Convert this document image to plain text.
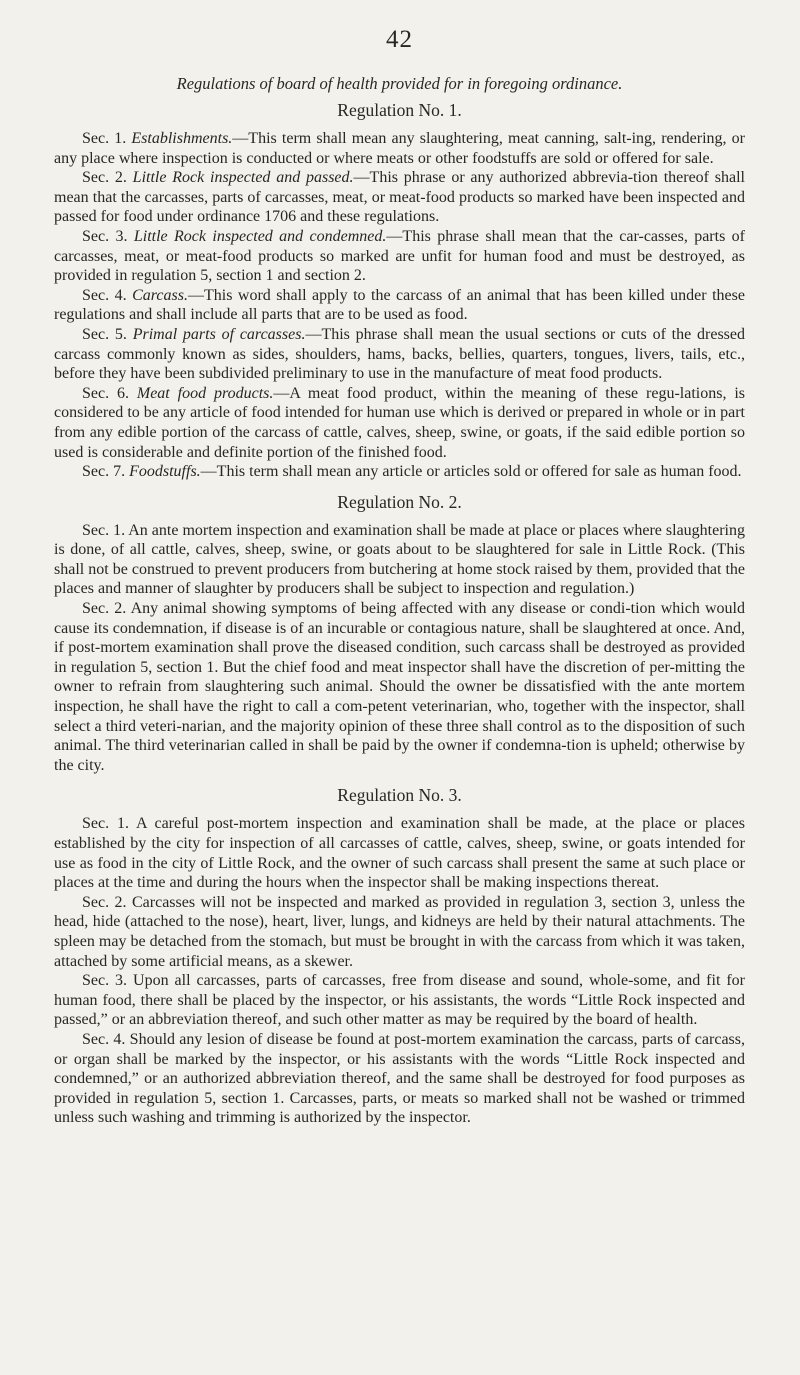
42
Regulations of board of health provided for in foregoing ordinance.
Regulation No. 1.

Sec. 1. Establishments.—This term shall mean any slaughtering, meat canning, salt-ing, rendering, or any place where inspection is conducted or where meats or other foodstuffs are sold or offered for sale.

Sec. 2. Little Rock inspected and passed.—This phrase or any authorized abbrevia-tion thereof shall mean that the carcasses, parts of carcasses, meat, or meat-food products so marked have been inspected and passed for food under ordinance 1706 and these regulations.

Sec. 3. Little Rock inspected and condemned.—This phrase shall mean that the car-casses, parts of carcasses, meat, or meat-food products so marked are unfit for human food and must be destroyed, as provided in regulation 5, section 1 and section 2.

Sec. 4. Carcass.—This word shall apply to the carcass of an animal that has been killed under these regulations and shall include all parts that are to be used as food.

Sec. 5. Primal parts of carcasses.—This phrase shall mean the usual sections or cuts of the dressed carcass commonly known as sides, shoulders, hams, backs, bellies, quarters, tongues, livers, tails, etc., before they have been subdivided preliminary to use in the manufacture of meat food products.

Sec. 6. Meat food products.—A meat food product, within the meaning of these regu-lations, is considered to be any article of food intended for human use which is derived or prepared in whole or in part from any edible portion of the carcass of cattle, calves, sheep, swine, or goats, if the said edible portion so used is considerable and definite portion of the finished food.

Sec. 7. Foodstuffs.—This term shall mean any article or articles sold or offered for sale as human food.

Regulation No. 2.

Sec. 1. An ante mortem inspection and examination shall be made at place or places where slaughtering is done, of all cattle, calves, sheep, swine, or goats about to be slaughtered for sale in Little Rock. (This shall not be construed to prevent producers from butchering at home stock raised by them, provided that the places and manner of slaughter by producers shall be subject to inspection and regulation.)

Sec. 2. Any animal showing symptoms of being affected with any disease or condi-tion which would cause its condemnation, if disease is of an incurable or contagious nature, shall be slaughtered at once. And, if post-mortem examination shall prove the diseased condition, such carcass shall be destroyed as provided in regulation 5, section 1. But the chief food and meat inspector shall have the discretion of per-mitting the owner to refrain from slaughtering such animal. Should the owner be dissatisfied with the ante mortem inspection, he shall have the right to call a com-petent veterinarian, who, together with the inspector, shall select a third veteri-narian, and the majority opinion of these three shall control as to the disposition of such animal. The third veterinarian called in shall be paid by the owner if condemna-tion is upheld; otherwise by the city.

Regulation No. 3.

Sec. 1. A careful post-mortem inspection and examination shall be made, at the place or places established by the city for inspection of all carcasses of cattle, calves, sheep, swine, or goats intended for use as food in the city of Little Rock, and the owner of such carcass shall present the same at such place or places at the time and during the hours when the inspector shall be making inspections thereat.

Sec. 2. Carcasses will not be inspected and marked as provided in regulation 3, section 3, unless the head, hide (attached to the nose), heart, liver, lungs, and kidneys are held by their natural attachments. The spleen may be detached from the stomach, but must be brought in with the carcass from which it was taken, attached by some artificial means, as a skewer.

Sec. 3. Upon all carcasses, parts of carcasses, free from disease and sound, whole-some, and fit for human food, there shall be placed by the inspector, or his assistants, the words “Little Rock inspected and passed,” or an abbreviation thereof, and such other matter as may be required by the board of health.

Sec. 4. Should any lesion of disease be found at post-mortem examination the carcass, parts of carcass, or organ shall be marked by the inspector, or his assistants with the words “Little Rock inspected and condemned,” or an authorized abbreviation thereof, and the same shall be destroyed for food purposes as provided in regulation 5, section 1. Carcasses, parts, or meats so marked shall not be washed or trimmed unless such washing and trimming is authorized by the inspector.
